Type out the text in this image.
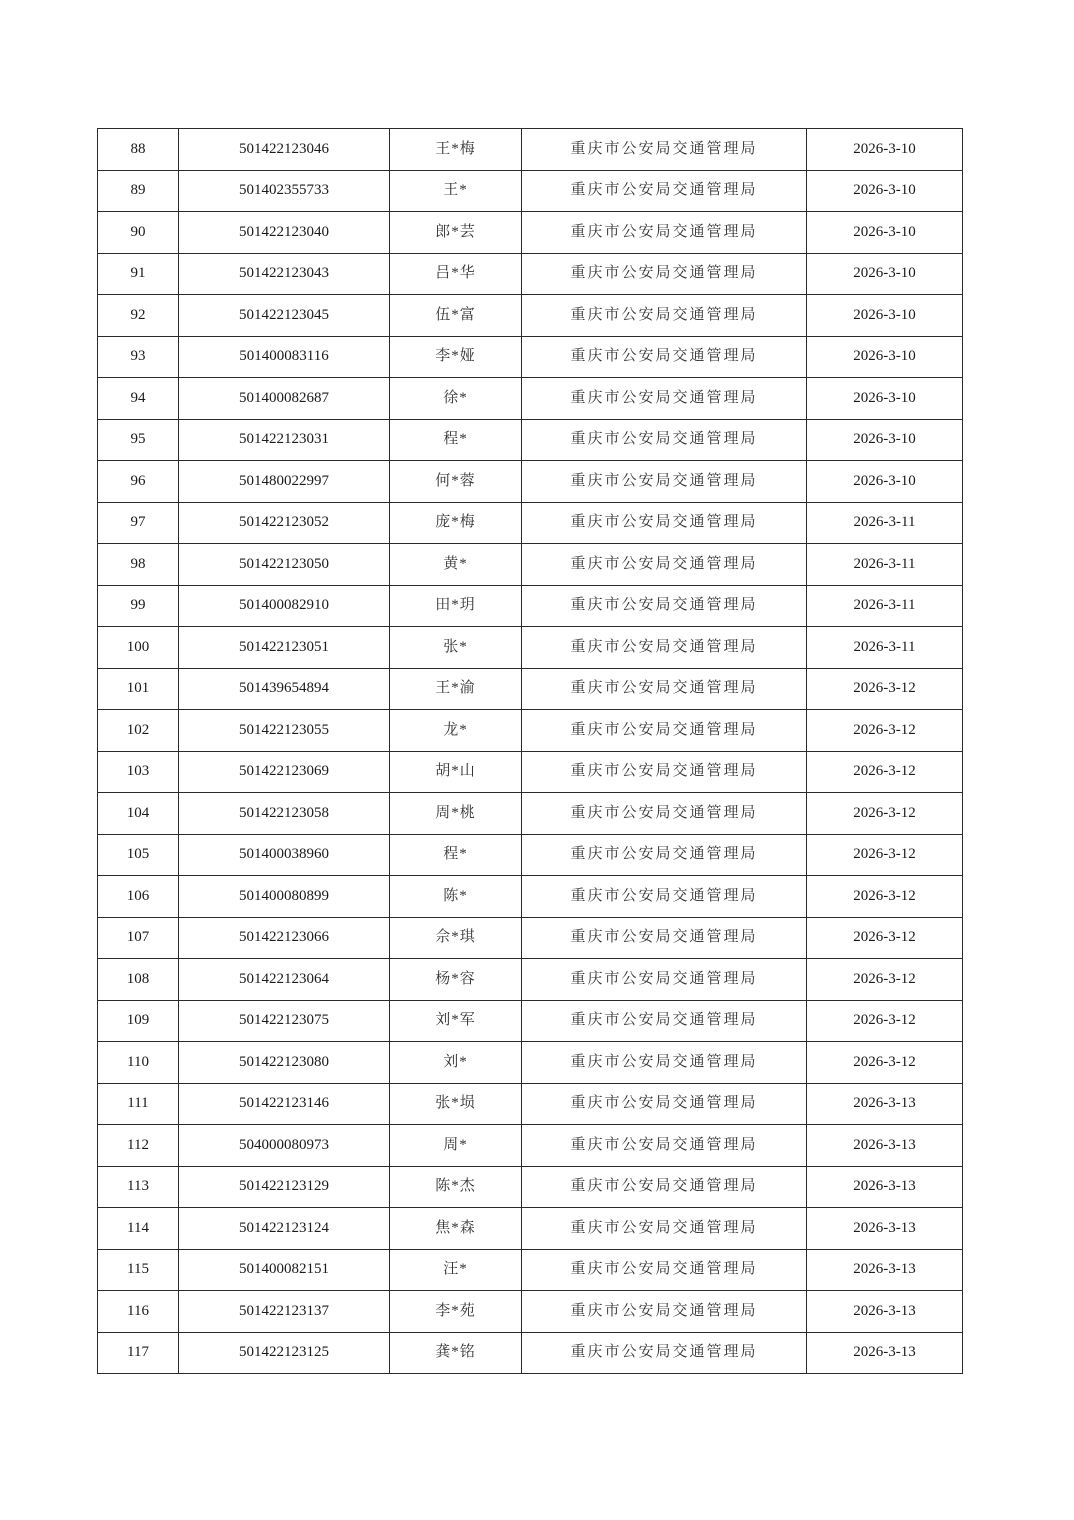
88	501422123046	王*梅	重庆市公安局交通管理局	2026-3-10
89	501402355733	王*	重庆市公安局交通管理局	2026-3-10
90	501422123040	郎*芸	重庆市公安局交通管理局	2026-3-10
91	501422123043	吕*华	重庆市公安局交通管理局	2026-3-10
92	501422123045	伍*富	重庆市公安局交通管理局	2026-3-10
93	501400083116	李*娅	重庆市公安局交通管理局	2026-3-10
94	501400082687	徐*	重庆市公安局交通管理局	2026-3-10
95	501422123031	程*	重庆市公安局交通管理局	2026-3-10
96	501480022997	何*蓉	重庆市公安局交通管理局	2026-3-10
97	501422123052	庞*梅	重庆市公安局交通管理局	2026-3-11
98	501422123050	黄*	重庆市公安局交通管理局	2026-3-11
99	501400082910	田*玥	重庆市公安局交通管理局	2026-3-11
100	501422123051	张*	重庆市公安局交通管理局	2026-3-11
101	501439654894	王*渝	重庆市公安局交通管理局	2026-3-12
102	501422123055	龙*	重庆市公安局交通管理局	2026-3-12
103	501422123069	胡*山	重庆市公安局交通管理局	2026-3-12
104	501422123058	周*桃	重庆市公安局交通管理局	2026-3-12
105	501400038960	程*	重庆市公安局交通管理局	2026-3-12
106	501400080899	陈*	重庆市公安局交通管理局	2026-3-12
107	501422123066	佘*琪	重庆市公安局交通管理局	2026-3-12
108	501422123064	杨*容	重庆市公安局交通管理局	2026-3-12
109	501422123075	刘*军	重庆市公安局交通管理局	2026-3-12
110	501422123080	刘*	重庆市公安局交通管理局	2026-3-12
111	501422123146	张*埙	重庆市公安局交通管理局	2026-3-13
112	504000080973	周*	重庆市公安局交通管理局	2026-3-13
113	501422123129	陈*杰	重庆市公安局交通管理局	2026-3-13
114	501422123124	焦*森	重庆市公安局交通管理局	2026-3-13
115	501400082151	汪*	重庆市公安局交通管理局	2026-3-13
116	501422123137	李*苑	重庆市公安局交通管理局	2026-3-13
117	501422123125	龚*铭	重庆市公安局交通管理局	2026-3-13
